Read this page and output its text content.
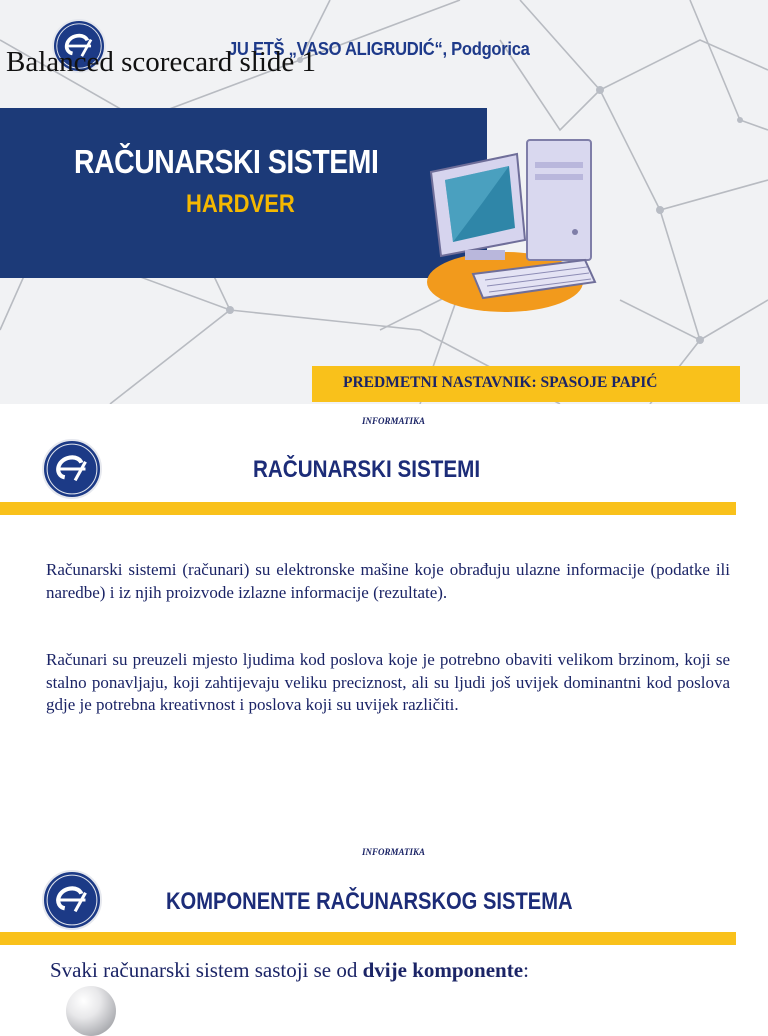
JU ETŠ „VASO ALIGRUDIĆ“, Podgorica
RAČUNARSKI SISTEMI
HARDVER
PREDMETNI NASTAVNIK: SPASOJE PAPIĆ
Balanced scorecard slide 1
INFORMATIKA
RAČUNARSKI SISTEMI

Računarski sistemi (računari) su elektronske mašine koje obrađuju ulazne informacije (podatke ili naredbe) i iz njih proizvode izlazne informacije (rezultate).

Računari su preuzeli mjesto ljudima kod poslova koje je potrebno obaviti velikom brzinom, koji se stalno ponavljaju, koji zahtijevaju veliku preciznost, ali su ljudi još uvijek dominantni kod poslova gdje je potrebna kreativnost i poslova koji su uvijek različiti.

INFORMATIKA
KOMPONENTE RAČUNARSKOG SISTEMA
Svaki računarski sistem sastoji se od dvije komponente:
